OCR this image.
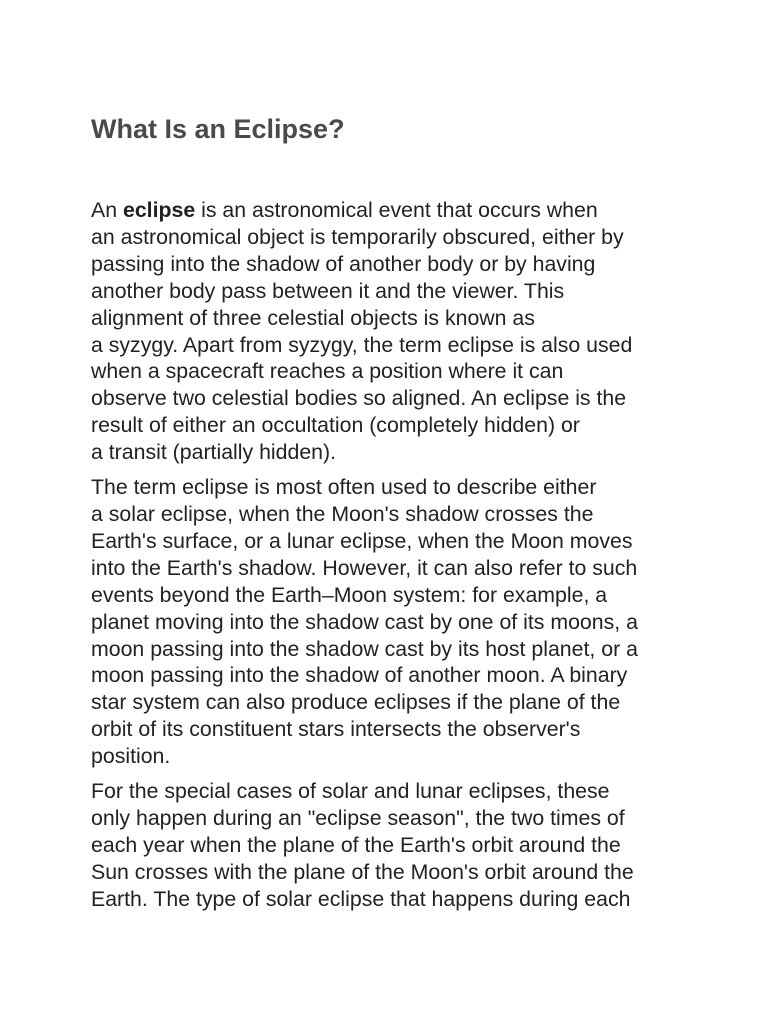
What Is an Eclipse?
An eclipse is an astronomical event that occurs when
an astronomical object is temporarily obscured, either by
passing into the shadow of another body or by having
another body pass between it and the viewer. This
alignment of three celestial objects is known as
a syzygy. Apart from syzygy, the term eclipse is also used
when a spacecraft reaches a position where it can
observe two celestial bodies so aligned. An eclipse is the
result of either an occultation (completely hidden) or
a transit (partially hidden).
The term eclipse is most often used to describe either
a solar eclipse, when the Moon's shadow crosses the
Earth's surface, or a lunar eclipse, when the Moon moves
into the Earth's shadow. However, it can also refer to such
events beyond the Earth–Moon system: for example, a
planet moving into the shadow cast by one of its moons, a
moon passing into the shadow cast by its host planet, or a
moon passing into the shadow of another moon. A binary
star system can also produce eclipses if the plane of the
orbit of its constituent stars intersects the observer's
position.
For the special cases of solar and lunar eclipses, these
only happen during an "eclipse season", the two times of
each year when the plane of the Earth's orbit around the
Sun crosses with the plane of the Moon's orbit around the
Earth. The type of solar eclipse that happens during each
